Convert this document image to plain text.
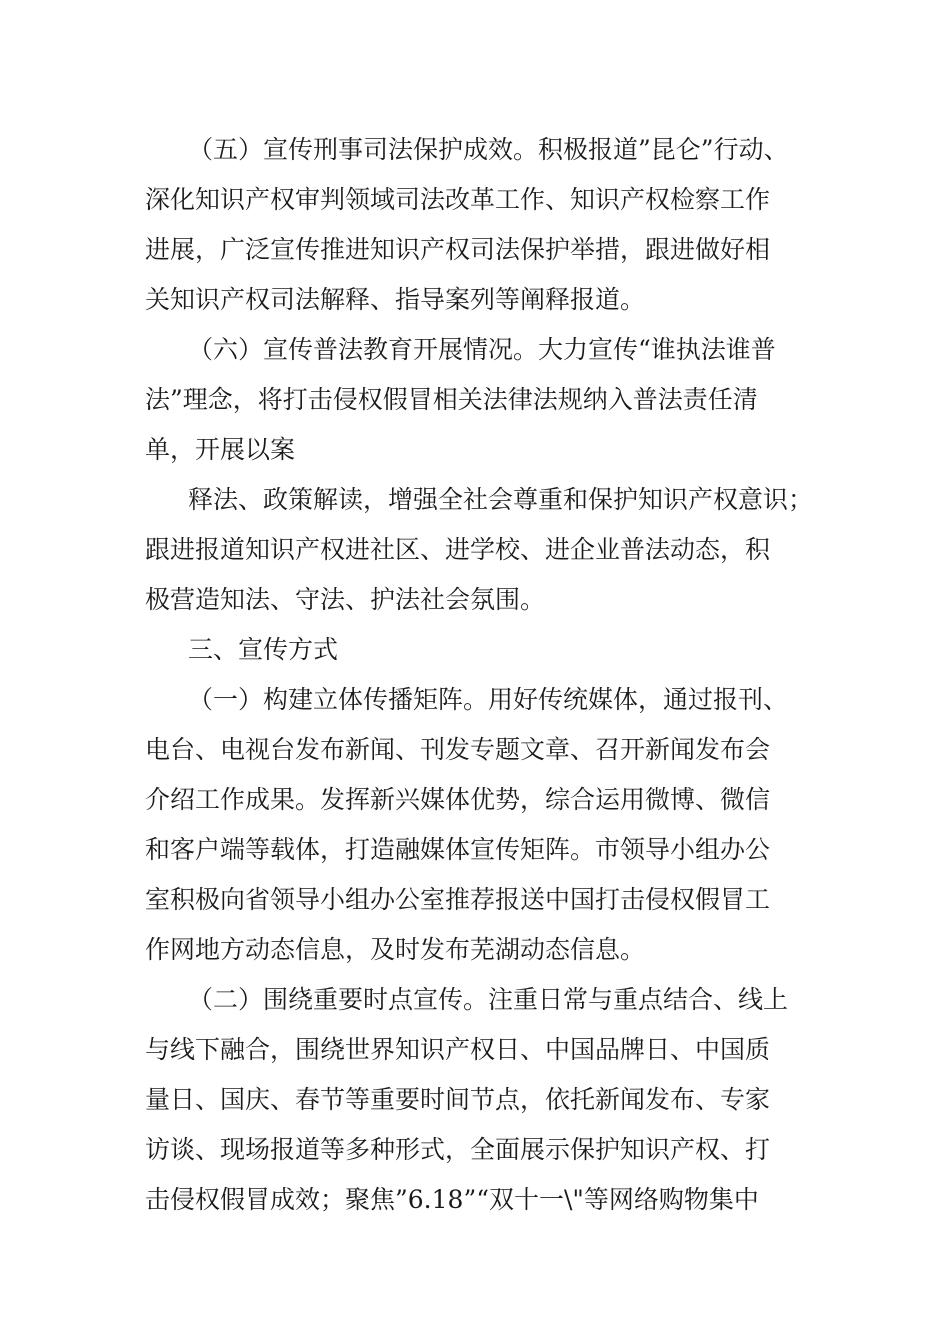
（五）宣传刑事司法保护成效。积极报道”昆仑”行动、
深化知识产权审判领域司法改革工作、知识产权检察工作
进展，广泛宣传推进知识产权司法保护举措，跟进做好相
关知识产权司法解释、指导案列等阐释报道。
（六）宣传普法教育开展情况。大力宣传“谁执法谁普
法”理念，将打击侵权假冒相关法律法规纳入普法责任清
单，开展以案
释法、政策解读，增强全社会尊重和保护知识产权意识；
跟进报道知识产权进社区、进学校、进企业普法动态，积
极营造知法、守法、护法社会氛围。
三、宣传方式
（一）构建立体传播矩阵。用好传统媒体，通过报刊、
电台、电视台发布新闻、刊发专题文章、召开新闻发布会
介绍工作成果。发挥新兴媒体优势，综合运用微博、微信
和客户端等载体，打造融媒体宣传矩阵。市领导小组办公
室积极向省领导小组办公室推荐报送中国打击侵权假冒工
作网地方动态信息，及时发布芜湖动态信息。
（二）围绕重要时点宣传。注重日常与重点结合、线上
与线下融合，围绕世界知识产权日、中国品牌日、中国质
量日、国庆、春节等重要时间节点，依托新闻发布、专家
访谈、现场报道等多种形式，全面展示保护知识产权、打
击侵权假冒成效；聚焦”6.18”“双十一\"等网络购物集中
